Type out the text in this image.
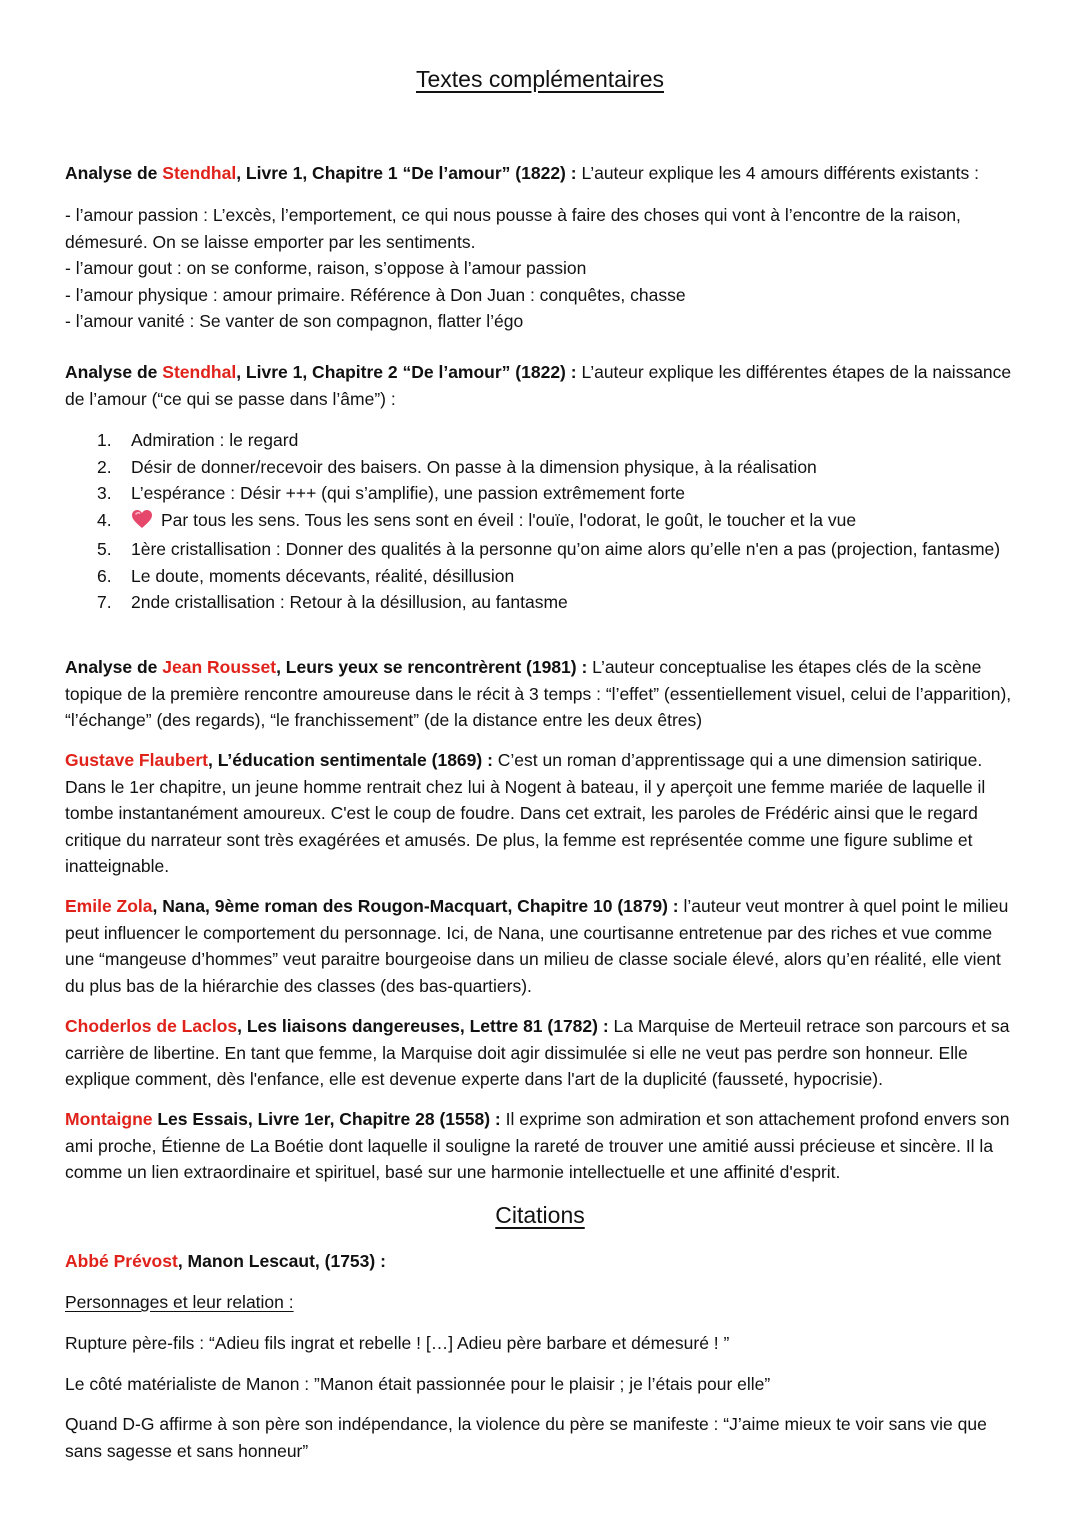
Textes complémentaires

Analyse de Stendhal, Livre 1, Chapitre 1 “De l’amour” (1822) : L’auteur explique les 4 amours différents existants :

- l’amour passion : L’excès, l’emportement, ce qui nous pousse à faire des choses qui vont à l’encontre de la raison, démesuré. On se laisse emporter par les sentiments.
- l’amour gout : on se conforme, raison, s’oppose à l’amour passion
- l’amour physique : amour primaire. Référence à Don Juan : conquêtes, chasse
- l’amour vanité : Se vanter de son compagnon, flatter l’égo

Analyse de Stendhal, Livre 1, Chapitre 2 “De l’amour” (1822) : L’auteur explique les différentes étapes de la naissance de l’amour (“ce qui se passe dans l’âme”) :

1. Admiration : le regard
2. Désir de donner/recevoir des baisers. On passe à la dimension physique, à la réalisation
3. L’espérance : Désir +++ (qui s’amplifie), une passion extrêmement forte
4.	Par tous les sens. Tous les sens sont en éveil : l'ouïe, l'odorat, le goût, le toucher et la vue
5. 1ère cristallisation : Donner des qualités à la personne qu’on aime alors qu’elle n'en a pas (projection, fantasme)
6. Le doute, moments décevants, réalité, désillusion
7. 2nde cristallisation : Retour à la désillusion, au fantasme

Analyse de Jean Rousset, Leurs yeux se rencontrèrent (1981) : L’auteur conceptualise les étapes clés de la scène topique de la première rencontre amoureuse dans le récit à 3 temps : “l’effet” (essentiellement visuel, celui de l’apparition), “l’échange” (des regards), “le franchissement” (de la distance entre les deux êtres)

Gustave Flaubert, L’éducation sentimentale (1869) : C’est un roman d’apprentissage qui a une dimension satirique. Dans le 1er chapitre, un jeune homme rentrait chez lui à Nogent à bateau, il y aperçoit une femme mariée de laquelle il tombe instantanément amoureux. C'est le coup de foudre. Dans cet extrait, les paroles de Frédéric ainsi que le regard critique du narrateur sont très exagérées et amusés. De plus, la femme est représentée comme une figure sublime et inatteignable.

Emile Zola, Nana, 9ème roman des Rougon-Macquart, Chapitre 10 (1879) : l’auteur veut montrer à quel point le milieu peut influencer le comportement du personnage. Ici, de Nana, une courtisanne entretenue par des riches et vue comme une “mangeuse d’hommes” veut paraitre bourgeoise dans un milieu de classe sociale élevé, alors qu’en réalité, elle vient du plus bas de la hiérarchie des classes (des bas-quartiers).

Choderlos de Laclos, Les liaisons dangereuses, Lettre 81 (1782) : La Marquise de Merteuil retrace son parcours et sa carrière de libertine. En tant que femme, la Marquise doit agir dissimulée si elle ne veut pas perdre son honneur. Elle explique comment, dès l'enfance, elle est devenue experte dans l'art de la duplicité (fausseté, hypocrisie).

Montaigne Les Essais, Livre 1er, Chapitre 28 (1558) : Il exprime son admiration et son attachement profond envers son ami proche, Étienne de La Boétie dont laquelle il souligne la rareté de trouver une amitié aussi précieuse et sincère. Il la comme un lien extraordinaire et spirituel, basé sur une harmonie intellectuelle et une affinité d'esprit.

Citations

Abbé Prévost, Manon Lescaut, (1753) :

Personnages et leur relation :

Rupture père-fils : “Adieu fils ingrat et rebelle ! […] Adieu père barbare et démesuré ! ”

Le côté matérialiste de Manon : ”Manon était passionnée pour le plaisir ; je l’étais pour elle”

Quand D-G affirme à son père son indépendance, la violence du père se manifeste : “J’aime mieux te voir sans vie que sans sagesse et sans honneur”
